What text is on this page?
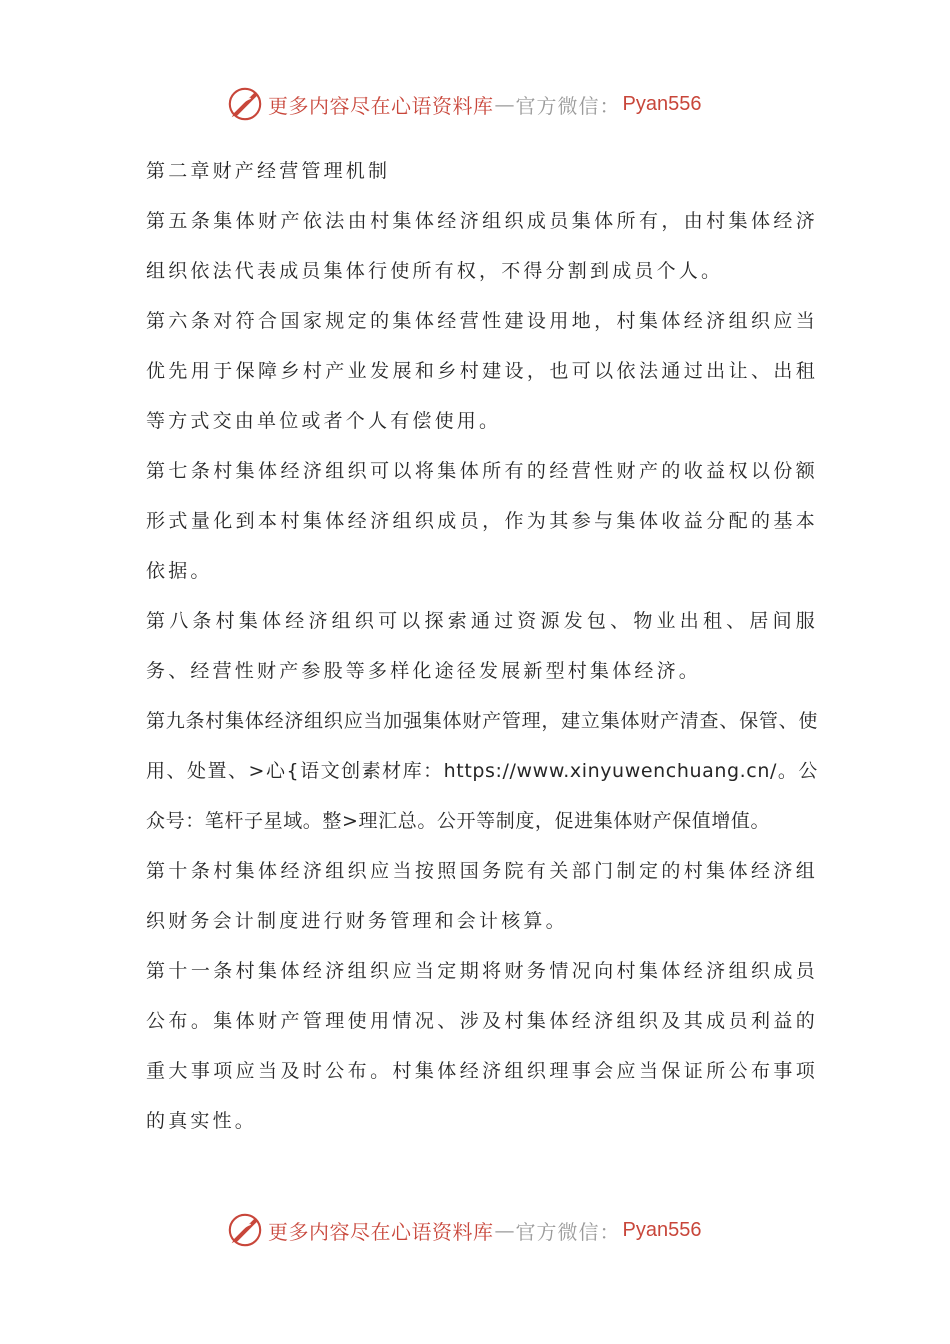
更多内容尽在心语资料库 — 官方微信： Pyan556

第二章财产经营管理机制

第五条集体财产依法由村集体经济组织成员集体所有，由村集体经济组织依法代表成员集体行使所有权，不得分割到成员个人。

第六条对符合国家规定的集体经营性建设用地，村集体经济组织应当优先用于保障乡村产业发展和乡村建设，也可以依法通过出让、出租等方式交由单位或者个人有偿使用。

第七条村集体经济组织可以将集体所有的经营性财产的收益权以份额形式量化到本村集体经济组织成员，作为其参与集体收益分配的基本依据。

第八条村集体经济组织可以探索通过资源发包、物业出租、居间服务、经营性财产参股等多样化途径发展新型村集体经济。

第九条村集体经济组织应当加强集体财产管理，建立集体财产清查、保管、使用、处置、>心{语文创素材库：https://www.xinyuwenchuang.cn/。公众号：笔杆子星域。整>理汇总。公开等制度，促进集体财产保值增值。

第十条村集体经济组织应当按照国务院有关部门制定的村集体经济组织财务会计制度进行财务管理和会计核算。

第十一条村集体经济组织应当定期将财务情况向村集体经济组织成员公布。集体财产管理使用情况、涉及村集体经济组织及其成员利益的重大事项应当及时公布。村集体经济组织理事会应当保证所公布事项的真实性。

更多内容尽在心语资料库 — 官方微信： Pyan556
